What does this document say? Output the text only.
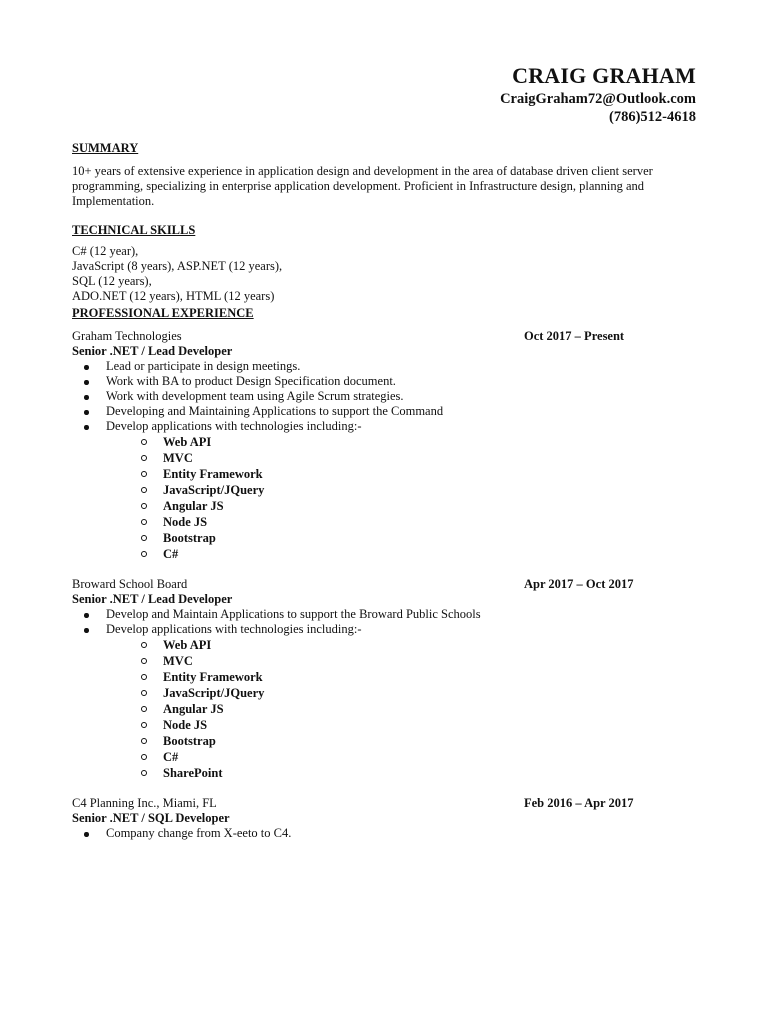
CRAIG GRAHAM
CraigGraham72@Outlook.com
(786)512-4618
SUMMARY
10+ years of extensive experience in application design and development in the area of database driven client server programming, specializing in enterprise application development. Proficient in Infrastructure design, planning and Implementation.
TECHNICAL SKILLS
C# (12 year),
JavaScript (8 years), ASP.NET (12 years),
SQL (12 years),
ADO.NET (12 years), HTML (12 years)
PROFESSIONAL EXPERIENCE
Graham Technologies	Oct 2017 – Present
Senior .NET / Lead Developer
Lead or participate in design meetings.
Work with BA to product Design Specification document.
Work with development team using Agile Scrum strategies.
Developing and Maintaining Applications to support the Command
Develop applications with technologies including:-
Web API
MVC
Entity Framework
JavaScript/JQuery
Angular JS
Node JS
Bootstrap
C#
Broward School Board	Apr 2017 – Oct 2017
Senior .NET / Lead Developer
Develop and Maintain Applications to support the Broward Public Schools
Develop applications with technologies including:-
Web API
MVC
Entity Framework
JavaScript/JQuery
Angular JS
Node JS
Bootstrap
C#
SharePoint
C4 Planning Inc., Miami, FL	Feb 2016 – Apr 2017
Senior .NET / SQL Developer
Company change from X-eeto to C4.
